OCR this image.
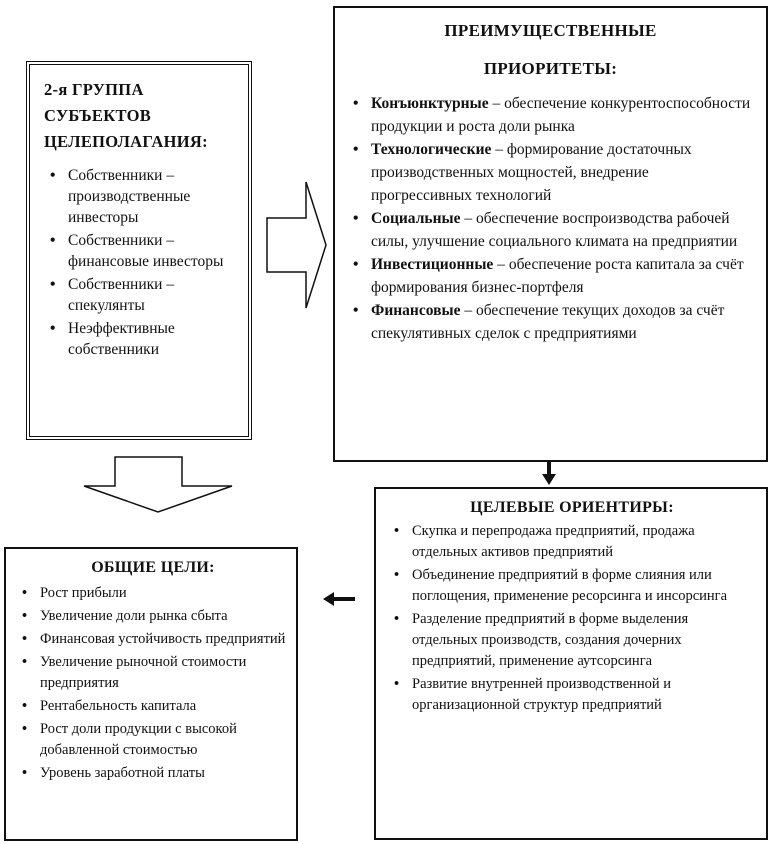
2-я ГРУППА
СУБЪЕКТОВ
ЦЕЛЕПОЛАГАНИЯ:
• Собственники – производственные инвесторы
• Собственники – финансовые инвесторы
• Собственники – спекулянты
• Неэффективные собственники
ПРЕИМУЩЕСТВЕННЫЕ
ПРИОРИТЕТЫ:
• Конъюнктурные – обеспечение конкурентоспособности продукции и роста доли рынка
• Технологические – формирование достаточных производственных мощностей, внедрение прогрессивных технологий
• Социальные – обеспечение воспроизводства рабочей силы, улучшение социального климата на предприятии
• Инвестиционные – обеспечение роста капитала за счёт формирования бизнес-портфеля
• Финансовые – обеспечение текущих доходов за счёт спекулятивных сделок с предприятиями
ЦЕЛЕВЫЕ ОРИЕНТИРЫ:
• Скупка и перепродажа предприятий, продажа отдельных активов предприятий
• Объединение предприятий в форме слияния или поглощения, применение ресорсинга и инсорсинга
• Разделение предприятий в форме выделения отдельных производств, создания дочерних предприятий, применение аутсорсинга
• Развитие внутренней производственной и организационной структур предприятий
ОБЩИЕ ЦЕЛИ:
• Рост прибыли
• Увеличение доли рынка сбыта
• Финансовая устойчивость предприятий
• Увеличение рыночной стоимости предприятия
• Рентабельность капитала
• Рост доли продукции с высокой добавленной стоимостью
• Уровень заработной платы
